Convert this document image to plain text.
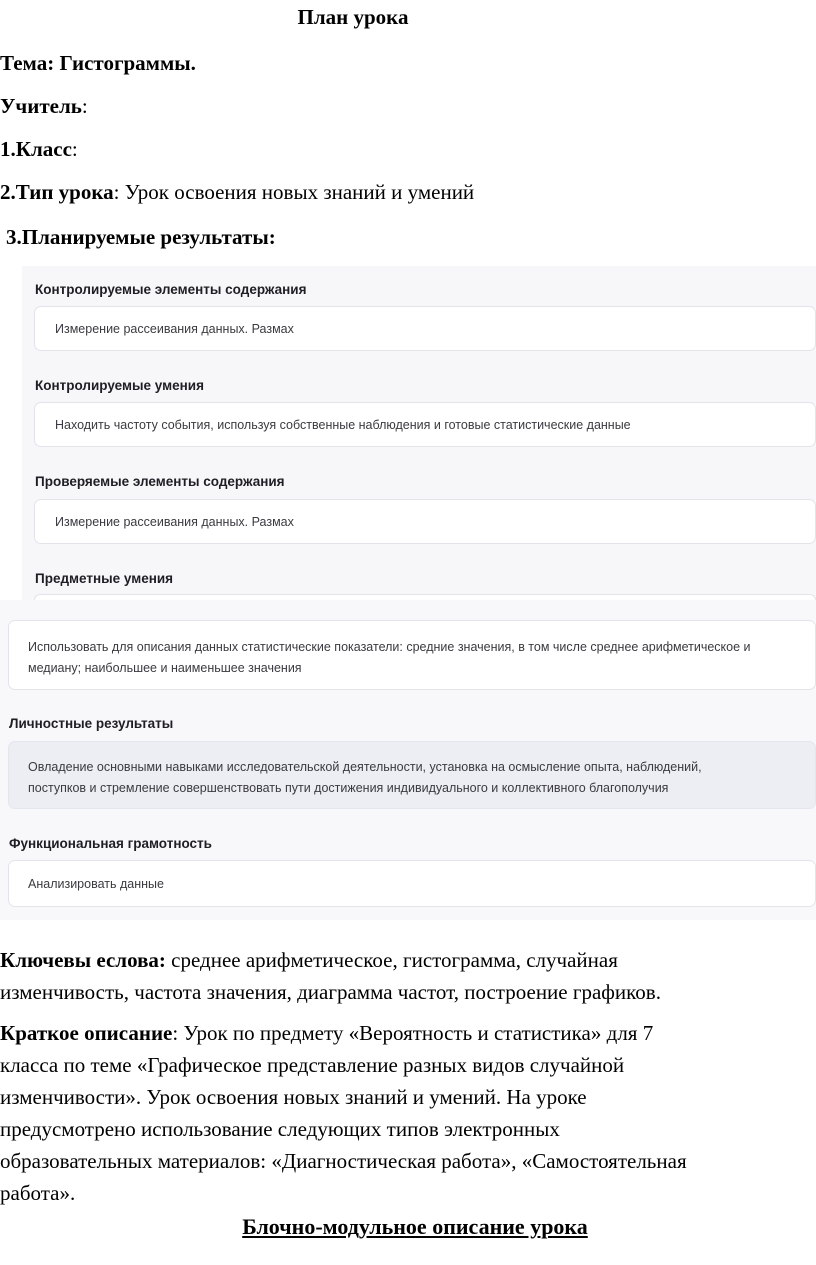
План урока
Тема: Гистограммы.
Учитель:
1.Класс:
2.Тип урока: Урок освоения новых знаний и умений
3.Планируемые результаты:
Контролируемые элементы содержания
Измерение рассеивания данных. Размах
Контролируемые умения
Находить частоту события, используя собственные наблюдения и готовые статистические данные
Проверяемые элементы содержания
Измерение рассеивания данных. Размах
Предметные умения
Использовать для описания данных статистические показатели: средние значения, в том числе среднее арифметическое и
медиану; наибольшее и наименьшее значения
Личностные результаты
Овладение основными навыками исследовательской деятельности, установка на осмысление опыта, наблюдений,
поступков и стремление совершенствовать пути достижения индивидуального и коллективного благополучия
Функциональная грамотность
Анализировать данные
Ключевы еслова: среднее арифметическое, гистограмма, случайная
изменчивость, частота значения, диаграмма частот, построение графиков.
Краткое описание: Урок по предмету «Вероятность и статистика» для 7
класса по теме «Графическое представление разных видов случайной
изменчивости». Урок освоения новых знаний и умений. На уроке
предусмотрено использование следующих типов электронных
образовательных материалов: «Диагностическая работа», «Самостоятельная
работа».
Блочно-модульное описание урока
